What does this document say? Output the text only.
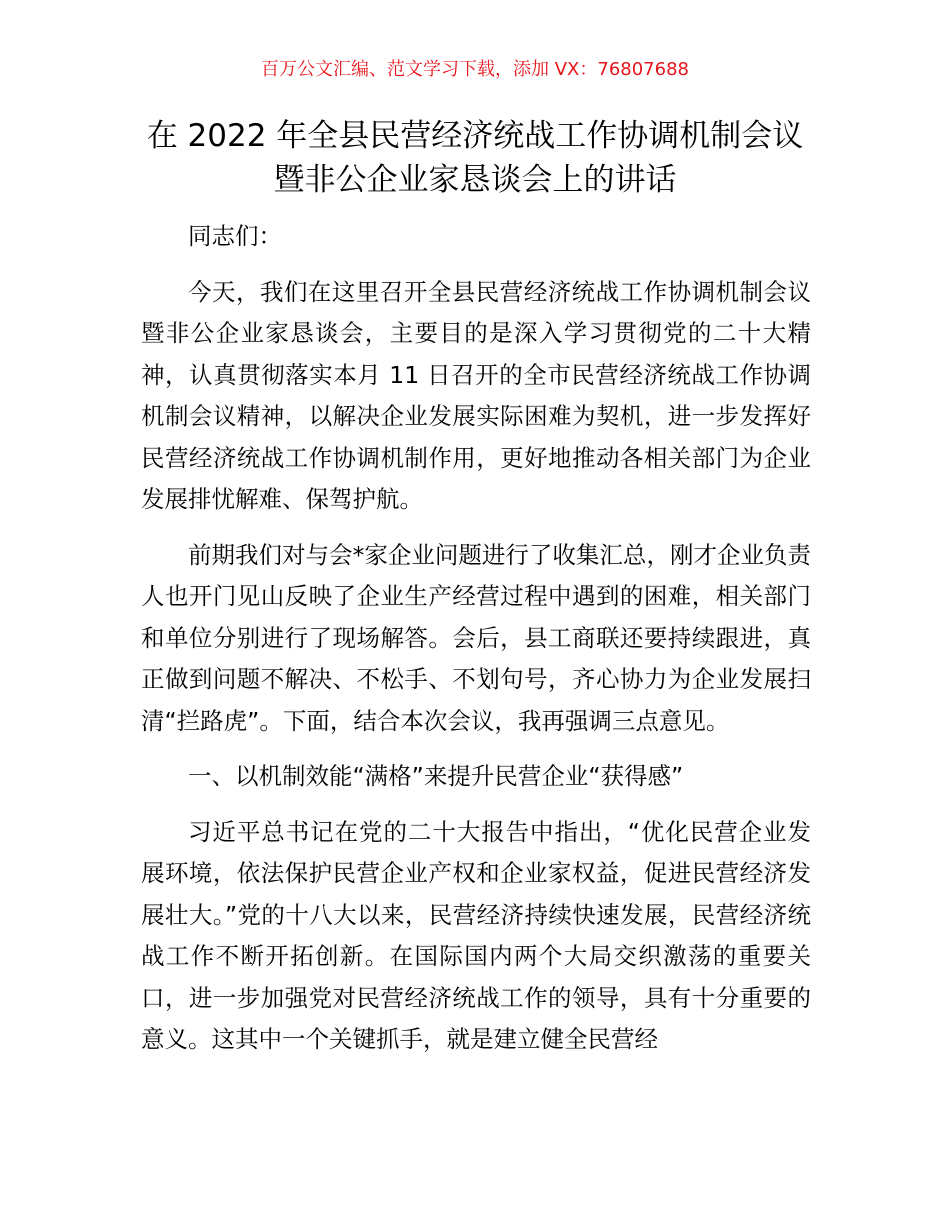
百万公文汇编、范文学习下载，添加 VX：76807688
在 2022 年全县民营经济统战工作协调机制会议
暨非公企业家恳谈会上的讲话

同志们：

今天，我们在这里召开全县民营经济统战工作协调机制会议暨非公企业家恳谈会，主要目的是深入学习贯彻党的二十大精神，认真贯彻落实本月 11 日召开的全市民营经济统战工作协调机制会议精神，以解决企业发展实际困难为契机，进一步发挥好民营经济统战工作协调机制作用，更好地推动各相关部门为企业发展排忧解难、保驾护航。

前期我们对与会*家企业问题进行了收集汇总，刚才企业负责人也开门见山反映了企业生产经营过程中遇到的困难，相关部门和单位分别进行了现场解答。会后，县工商联还要持续跟进，真正做到问题不解决、不松手、不划句号，齐心协力为企业发展扫清“拦路虎”。下面，结合本次会议，我再强调三点意见。

一、以机制效能“满格”来提升民营企业“获得感”

习近平总书记在党的二十大报告中指出，“优化民营企业发展环境，依法保护民营企业产权和企业家权益，促进民营经济发展壮大。”党的十八大以来，民营经济持续快速发展，民营经济统战工作不断开拓创新。在国际国内两个大局交织激荡的重要关口，进一步加强党对民营经济统战工作的领导，具有十分重要的意义。这其中一个关键抓手，就是建立健全民营经
